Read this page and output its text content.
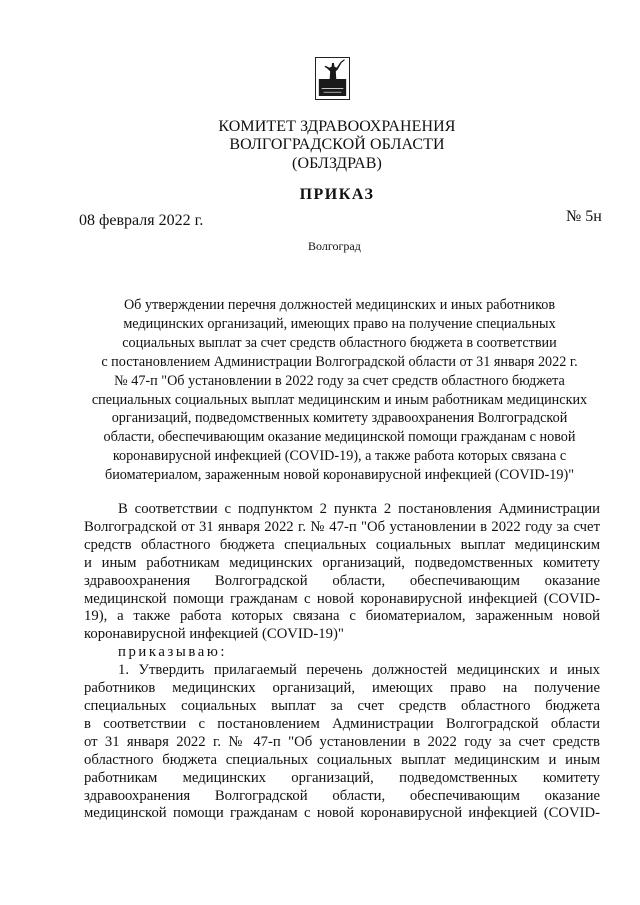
КОМИТЕТ ЗДРАВООХРАНЕНИЯ
ВОЛГОГРАДСКОЙ ОБЛАСТИ
(ОБЛЗДРАВ)
ПРИКАЗ
08 февраля 2022 г.	№ 5н
Волгоград
Об утверждении перечня должностей медицинских и иных работников
медицинских организаций, имеющих право на получение специальных
социальных выплат за счет средств областного бюджета в соответствии
с постановлением Администрации Волгоградской области от 31 января 2022 г.
№ 47-п "Об установлении в 2022 году за счет средств областного бюджета
специальных социальных выплат медицинским и иным работникам медицинских
организаций, подведомственных комитету здравоохранения Волгоградской
области, обеспечивающим оказание медицинской помощи гражданам с новой
коронавирусной инфекцией (COVID-19), а также работа которых связана с
биоматериалом, зараженным новой коронавирусной инфекцией (COVID-19)"
В соответствии с подпунктом 2 пункта 2 постановления Администрации
Волгоградской от 31 января 2022 г. № 47-п "Об установлении в 2022 году за счет
средств областного бюджета специальных социальных выплат медицинским
и иным работникам медицинских организаций, подведомственных комитету
здравоохранения Волгоградской области, обеспечивающим оказание
медицинской помощи гражданам с новой коронавирусной инфекцией (COVID-
19), а также работа которых связана с биоматериалом, зараженным новой
коронавирусной инфекцией (COVID-19)"
приказываю:
1. Утвердить прилагаемый перечень должностей медицинских и иных
работников медицинских организаций, имеющих право на получение
специальных социальных выплат за счет средств областного бюджета
в соответствии с постановлением Администрации Волгоградской области
от 31 января 2022 г. № 47-п "Об установлении в 2022 году за счет средств
областного бюджета специальных социальных выплат медицинским и иным
работникам медицинских организаций, подведомственных комитету
здравоохранения Волгоградской области, обеспечивающим оказание
медицинской помощи гражданам с новой коронавирусной инфекцией (COVID-
